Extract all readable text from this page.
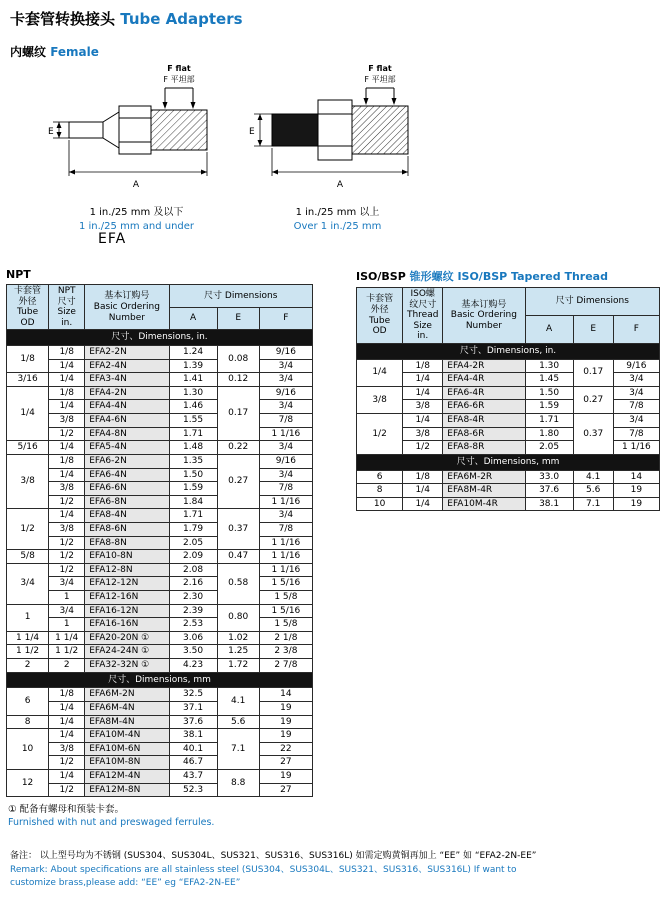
卡套管转换接头 Tube Adapters
内螺纹 Female
F flat
F 平坦部
E
A
1 in./25 mm 及以下
1 in./25 mm and under
F flat
F 平坦部
E
A
1 in./25 mm 以上
Over 1 in./25 mm
EFA
NPT
卡套管
外径
Tube
OD	NPT
尺寸
Size
in.	基本订购号
Basic Ordering
Number	尺寸 Dimensions		
			A	E	F
尺寸、Dimensions, in.					
1/8	1/8	EFA2-2N	1.24	0.08	9/16
	1/4	EFA2-4N	1.39		3/4
3/16	1/4	EFA3-4N	1.41	0.12	3/4
1/4	1/8	EFA4-2N	1.30	0.17	9/16
	1/4	EFA4-4N	1.46		3/4
	3/8	EFA4-6N	1.55		7/8
	1/2	EFA4-8N	1.71		1 1/16
5/16	1/4	EFA5-4N	1.48	0.22	3/4
3/8	1/8	EFA6-2N	1.35	0.27	9/16
	1/4	EFA6-4N	1.50		3/4
	3/8	EFA6-6N	1.59		7/8
	1/2	EFA6-8N	1.84		1 1/16
1/2	1/4	EFA8-4N	1.71	0.37	3/4
	3/8	EFA8-6N	1.79		7/8
	1/2	EFA8-8N	2.05		1 1/16
5/8	1/2	EFA10-8N	2.09	0.47	1 1/16
3/4	1/2	EFA12-8N	2.08	0.58	1 1/16
	3/4	EFA12-12N	2.16		1 5/16
	1	EFA12-16N	2.30		1 5/8
1	3/4	EFA16-12N	2.39	0.80	1 5/16
	1	EFA16-16N	2.53		1 5/8
1 1/4	1 1/4	EFA20-20N ①	3.06	1.02	2 1/8
1 1/2	1 1/2	EFA24-24N ①	3.50	1.25	2 3/8
2	2	EFA32-32N ①	4.23	1.72	2 7/8
尺寸、Dimensions, mm					
6	1/8	EFA6M-2N	32.5	4.1	14
	1/4	EFA6M-4N	37.1		19
8	1/4	EFA8M-4N	37.6	5.6	19
10	1/4	EFA10M-4N	38.1	7.1	19
	3/8	EFA10M-6N	40.1		22
	1/2	EFA10M-8N	46.7		27
12	1/4	EFA12M-4N	43.7	8.8	19
	1/2	EFA12M-8N	52.3		27
① 配备有螺母和预装卡套。
Furnished with nut and preswaged ferrules.
ISO/BSP 锥形螺纹 ISO/BSP Tapered Thread
卡套管
外径
Tube
OD	ISO螺
纹尺寸
Thread
Size
in.	基本订购号
Basic Ordering
Number	尺寸 Dimensions		
			A	E	F
尺寸、Dimensions, in.					
1/4	1/8	EFA4-2R	1.30	0.17	9/16
	1/4	EFA4-4R	1.45		3/4
3/8	1/4	EFA6-4R	1.50	0.27	3/4
	3/8	EFA6-6R	1.59		7/8
1/2	1/4	EFA8-4R	1.71	0.37	3/4
	3/8	EFA8-6R	1.80		7/8
	1/2	EFA8-8R	2.05		1 1/16
尺寸、Dimensions, mm					
6	1/8	EFA6M-2R	33.0	4.1	14
8	1/4	EFA8M-4R	37.6	5.6	19
10	1/4	EFA10M-4R	38.1	7.1	19
备注： 以上型号均为不锈钢 (SUS304、SUS304L、SUS321、SUS316、SUS316L) 如需定购黄铜再加上 “EE” 如 “EFA2-2N-EE”
Remark: About specifications are all stainless steel (SUS304、SUS304L、SUS321、SUS316、SUS316L) If want to
customize brass,please add: “EE” eg “EFA2-2N-EE”
